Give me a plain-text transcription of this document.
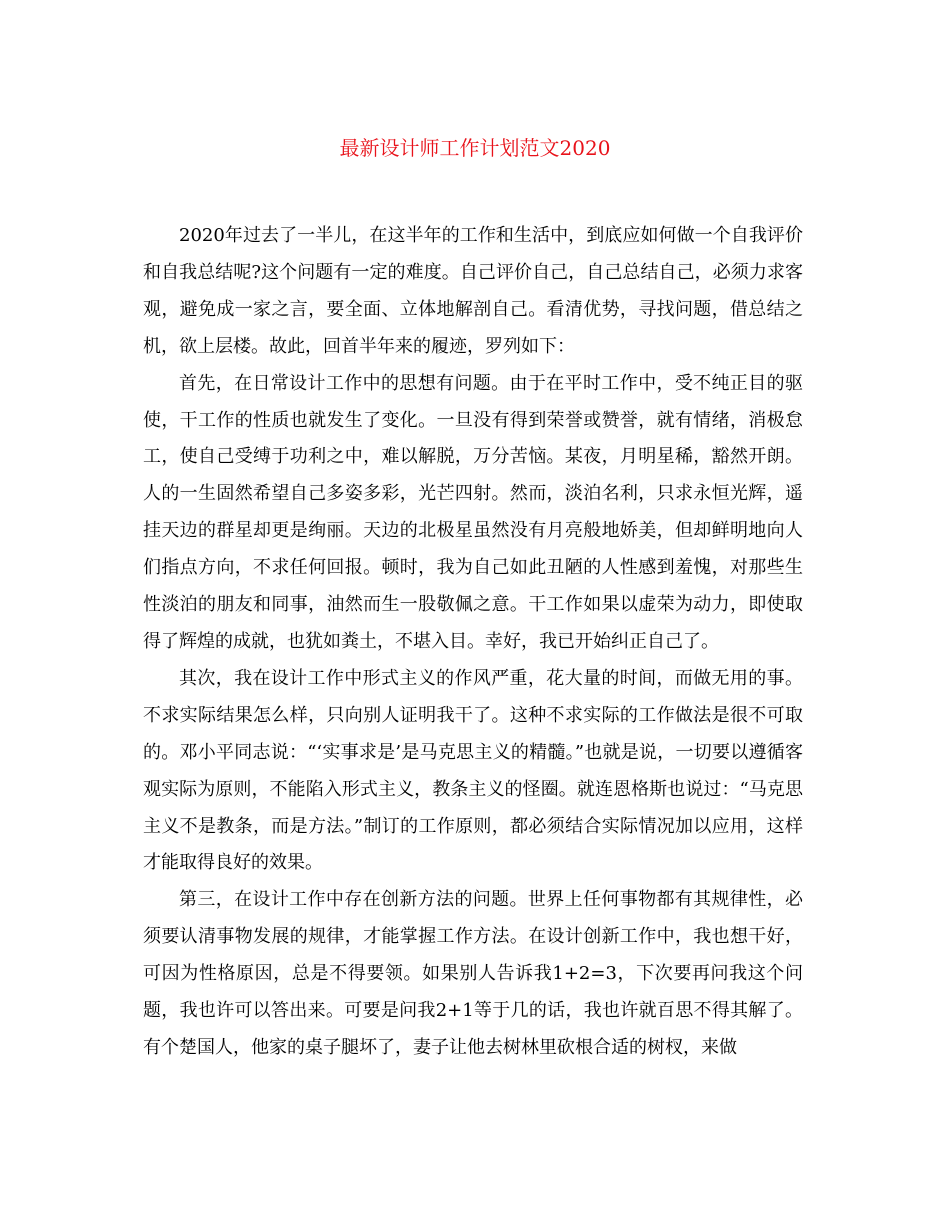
最新设计师工作计划范文2020

2020年过去了一半儿，在这半年的工作和生活中，到底应如何做一个自我评价和自我总结呢?这个问题有一定的难度。自己评价自己，自己总结自己，必须力求客观，避免成一家之言，要全面、立体地解剖自己。看清优势，寻找问题，借总结之机，欲上层楼。故此，回首半年来的履迹，罗列如下：

首先，在日常设计工作中的思想有问题。由于在平时工作中，受不纯正目的驱使，干工作的性质也就发生了变化。一旦没有得到荣誉或赞誉，就有情绪，消极怠工，使自己受缚于功利之中，难以解脱，万分苦恼。某夜，月明星稀，豁然开朗。人的一生固然希望自己多姿多彩，光芒四射。然而，淡泊名利，只求永恒光辉，遥挂天边的群星却更是绚丽。天边的北极星虽然没有月亮般地娇美，但却鲜明地向人们指点方向，不求任何回报。顿时，我为自己如此丑陋的人性感到羞愧，对那些生性淡泊的朋友和同事，油然而生一股敬佩之意。干工作如果以虚荣为动力，即使取得了辉煌的成就，也犹如粪土，不堪入目。幸好，我已开始纠正自己了。

其次，我在设计工作中形式主义的作风严重，花大量的时间，而做无用的事。不求实际结果怎么样，只向别人证明我干了。这种不求实际的工作做法是很不可取的。邓小平同志说：“‘实事求是’是马克思主义的精髓。”也就是说，一切要以遵循客观实际为原则，不能陷入形式主义，教条主义的怪圈。就连恩格斯也说过：“马克思主义不是教条，而是方法。”制订的工作原则，都必须结合实际情况加以应用，这样才能取得良好的效果。

第三，在设计工作中存在创新方法的问题。世界上任何事物都有其规律性，必须要认清事物发展的规律，才能掌握工作方法。在设计创新工作中，我也想干好，可因为性格原因，总是不得要领。如果别人告诉我1+2=3，下次要再问我这个问题，我也许可以答出来。可要是问我2+1等于几的话，我也许就百思不得其解了。有个楚国人，他家的桌子腿坏了，妻子让他去树林里砍根合适的树杈，来做
